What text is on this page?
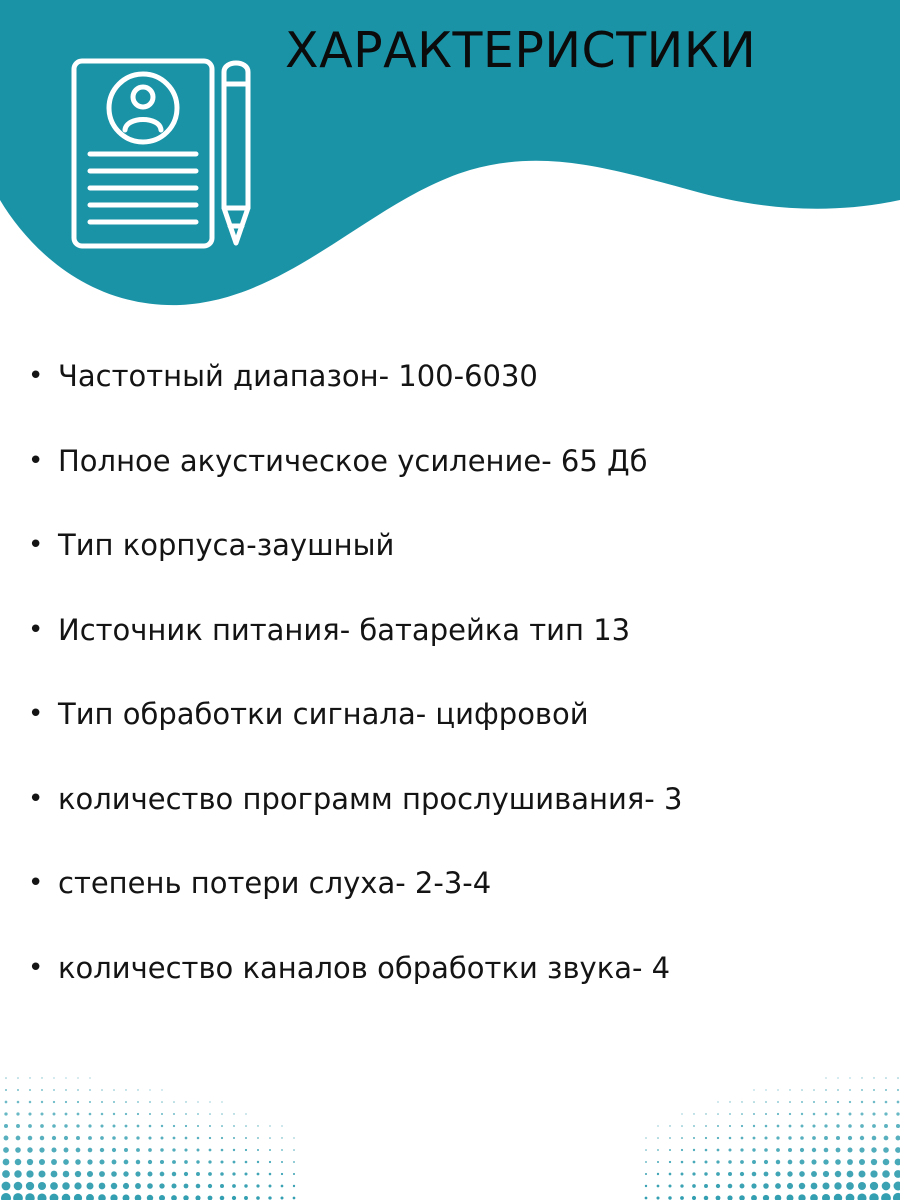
ХАРАКТЕРИСТИКИ
• Частотный диапазон - 100-6030
• Полное акустическое усиление - 65 Дб
• Тип корпуса -заушный
• Источник питания - батарейка тип 13
• Тип обработки сигнала - цифровой
• количество программ прослушивания - 3
• степень потери слуха - 2-3-4
• количество каналов обработки звука - 4
